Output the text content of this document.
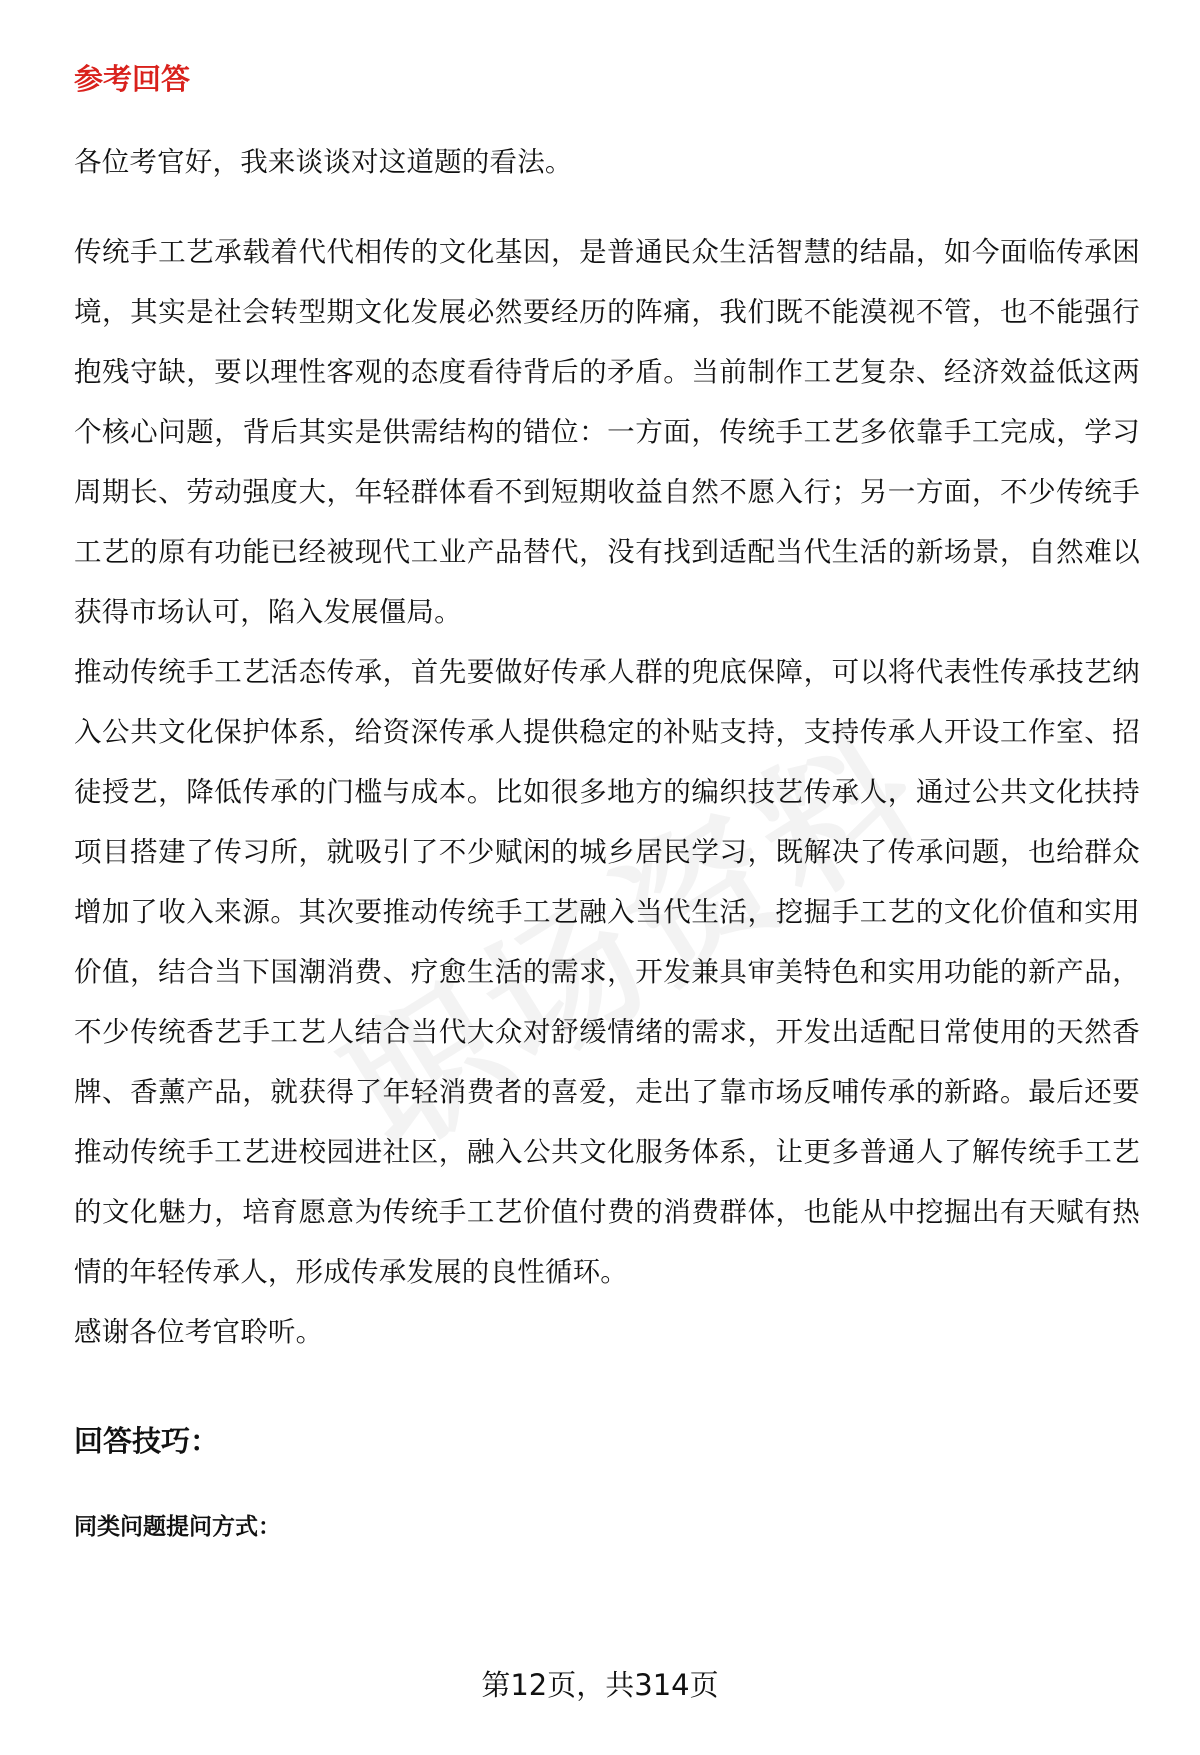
参考回答

各位考官好，我来谈谈对这道题的看法。

传统手工艺承载着代代相传的文化基因，是普通民众生活智慧的结晶，如今面临传承困境，其实是社会转型期文化发展必然要经历的阵痛，我们既不能漠视不管，也不能强行抱残守缺，要以理性客观的态度看待背后的矛盾。当前制作工艺复杂、经济效益低这两个核心问题，背后其实是供需结构的错位：一方面，传统手工艺多依靠手工完成，学习周期长、劳动强度大，年轻群体看不到短期收益自然不愿入行；另一方面，不少传统手工艺的原有功能已经被现代工业产品替代，没有找到适配当代生活的新场景，自然难以获得市场认可，陷入发展僵局。

推动传统手工艺活态传承，首先要做好传承人群的兜底保障，可以将代表性传承技艺纳入公共文化保护体系，给资深传承人提供稳定的补贴支持，支持传承人开设工作室、招徒授艺，降低传承的门槛与成本。比如很多地方的编织技艺传承人，通过公共文化扶持项目搭建了传习所，就吸引了不少赋闲的城乡居民学习，既解决了传承问题，也给群众增加了收入来源。其次要推动传统手工艺融入当代生活，挖掘手工艺的文化价值和实用价值，结合当下国潮消费、疗愈生活的需求，开发兼具审美特色和实用功能的新产品，不少传统香艺手工艺人结合当代大众对舒缓情绪的需求，开发出适配日常使用的天然香牌、香薰产品，就获得了年轻消费者的喜爱，走出了靠市场反哺传承的新路。最后还要推动传统手工艺进校园进社区，融入公共文化服务体系，让更多普通人了解传统手工艺的文化魅力，培育愿意为传统手工艺价值付费的消费群体，也能从中挖掘出有天赋有热情的年轻传承人，形成传承发展的良性循环。

感谢各位考官聆听。

回答技巧：
同类问题提问方式：
第12页，共314页
